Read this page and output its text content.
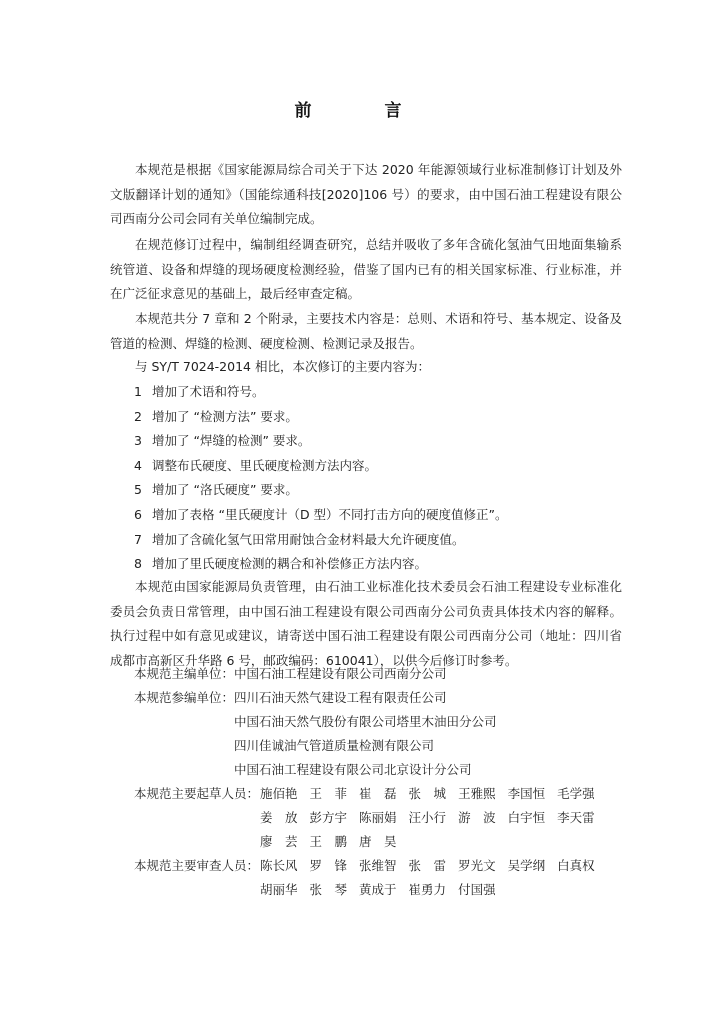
前　言

本规范是根据《国家能源局综合司关于下达 2020 年能源领域行业标准制修订计划及外文版翻译计划的通知》（国能综通科技[2020]106 号）的要求，由中国石油工程建设有限公司西南分公司会同有关单位编制完成。

在规范修订过程中，编制组经调查研究，总结并吸收了多年含硫化氢油气田地面集输系统管道、设备和焊缝的现场硬度检测经验，借鉴了国内已有的相关国家标准、行业标准，并在广泛征求意见的基础上，最后经审查定稿。

本规范共分 7 章和 2 个附录，主要技术内容是：总则、术语和符号、基本规定、设备及管道的检测、焊缝的检测、硬度检测、检测记录及报告。

与 SY/T 7024-2014 相比，本次修订的主要内容为：
1 增加了术语和符号。
2 增加了 “检测方法” 要求。
3 增加了 “焊缝的检测” 要求。
4 调整布氏硬度、里氏硬度检测方法内容。
5 增加了 “洛氏硬度” 要求。
6 增加了表格 “里氏硬度计（D 型）不同打击方向的硬度值修正”。
7 增加了含硫化氢气田常用耐蚀合金材料最大允许硬度值。
8 增加了里氏硬度检测的耦合和补偿修正方法内容。

本规范由国家能源局负责管理，由石油工业标准化技术委员会石油工程建设专业标准化委员会负责日常管理，由中国石油工程建设有限公司西南分公司负责具体技术内容的解释。执行过程中如有意见或建议，请寄送中国石油工程建设有限公司西南分公司（地址：四川省成都市高新区升华路 6 号，邮政编码：610041），以供今后修订时参考。

本规范主编单位： 中国石油工程建设有限公司西南分公司
本规范参编单位： 四川石油天然气建设工程有限责任公司
中国石油天然气股份有限公司塔里木油田分公司
四川佳诚油气管道质量检测有限公司
中国石油工程建设有限公司北京设计分公司
本规范主要起草人员： 施佰艳 王　菲 崔　磊 张　城 王雅熙 李国恒 毛学强
姜　放 彭方宇 陈丽娟 汪小行 游　波 白宇恒 李天雷
廖　芸 王　鹏 唐　昊
本规范主要审查人员： 陈长风 罗　锋 张维智 张　雷 罗光文 吴学纲 白真权
胡丽华 张　琴 黄成于 崔勇力 付国强
